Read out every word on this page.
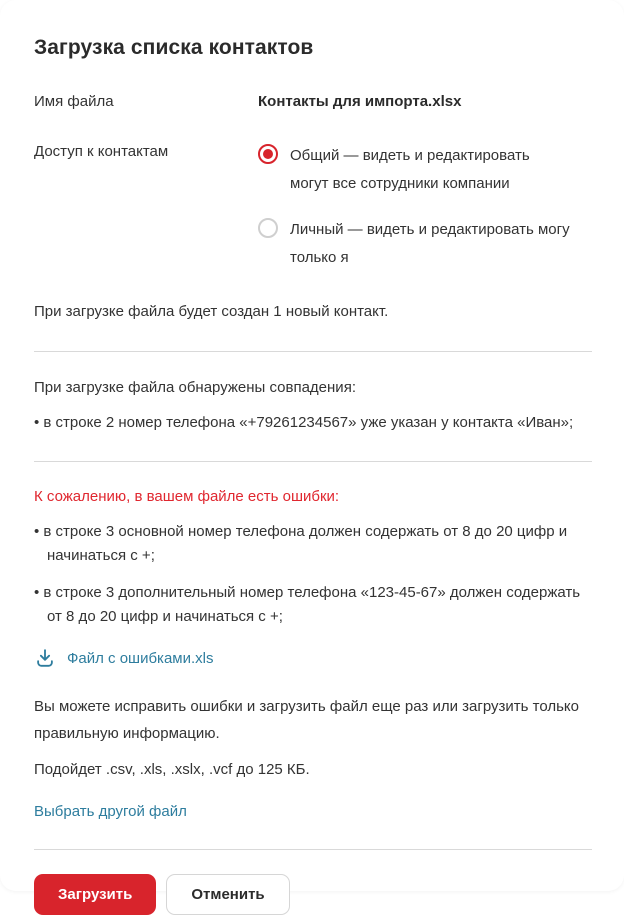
Загрузка списка контактов
Имя файла	Контакты для импорта.xlsx
Доступ к контактам	Общий — видеть и редактировать могут все сотрудники компании
Личный — видеть и редактировать могу только я

При загрузке файла будет создан 1 новый контакт.

При загрузке файла обнаружены совпадения:

• в строке 2 номер телефона «+79261234567» уже указан у контакта «Иван»;

К сожалению, в вашем файле есть ошибки:

• в строке 3 основной номер телефона должен содержать от 8 до 20 цифр и начинаться с +;

• в строке 3 дополнительный номер телефона «123-45-67» должен содержать от 8 до 20 цифр и начинаться с +;

Файл с ошибками.xls

Вы можете исправить ошибки и загрузить файл еще раз или загрузить только правильную информацию.

Подойдет .csv, .xls, .xslx, .vcf до 125 КБ.

Выбрать другой файл
Загрузить	Отменить
